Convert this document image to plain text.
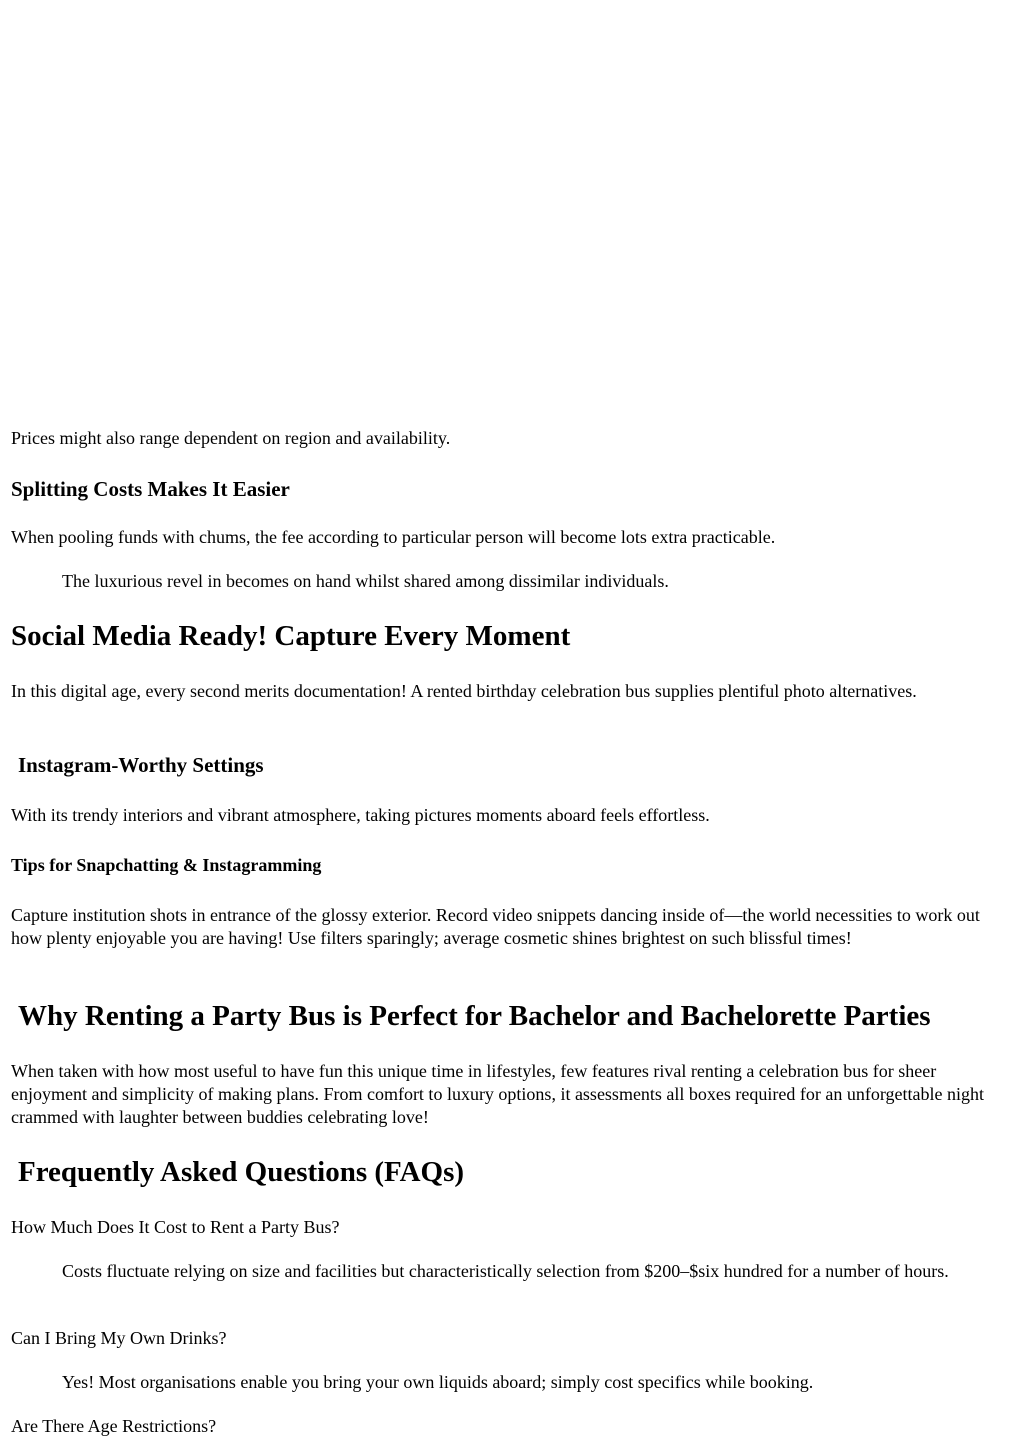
Prices might also range dependent on region and availability.

Splitting Costs Makes It Easier

When pooling funds with chums, the fee according to particular person will become lots extra practicable.

The luxurious revel in becomes on hand whilst shared among dissimilar individuals.

Social Media Ready! Capture Every Moment

In this digital age, every second merits documentation! A rented birthday celebration bus supplies plentiful photo alternatives.

Instagram-Worthy Settings

With its trendy interiors and vibrant atmosphere, taking pictures moments aboard feels effortless.

Tips for Snapchatting & Instagramming

Capture institution shots in entrance of the glossy exterior. Record video snippets dancing inside of—the world necessities to work out how plenty enjoyable you are having! Use filters sparingly; average cosmetic shines brightest on such blissful times!

Why Renting a Party Bus is Perfect for Bachelor and Bachelorette Parties

When taken with how most useful to have fun this unique time in lifestyles, few features rival renting a celebration bus for sheer enjoyment and simplicity of making plans. From comfort to luxury options, it assessments all boxes required for an unforgettable night crammed with laughter between buddies celebrating love!

Frequently Asked Questions (FAQs)

How Much Does It Cost to Rent a Party Bus?

Costs fluctuate relying on size and facilities but characteristically selection from $200–$six hundred for a number of hours.

Can I Bring My Own Drinks?

Yes! Most organisations enable you bring your own liquids aboard; simply cost specifics while booking.

Are There Age Restrictions?
